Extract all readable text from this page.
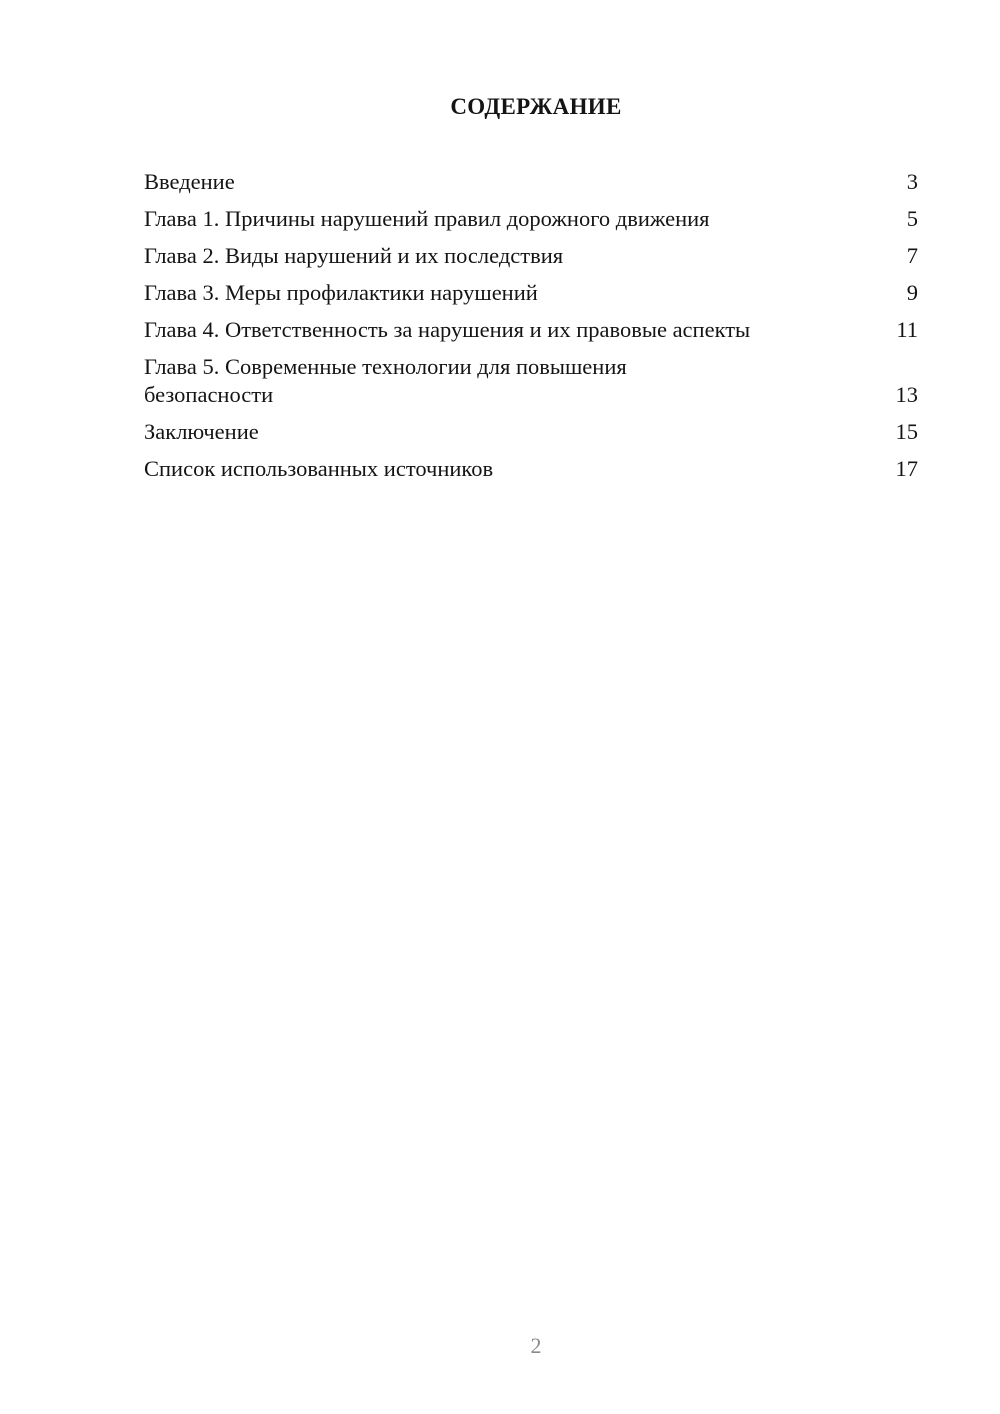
СОДЕРЖАНИЕ
Введение	3
Глава 1. Причины нарушений правил дорожного движения	5
Глава 2. Виды нарушений и их последствия	7
Глава 3. Меры профилактики нарушений	9
Глава 4. Ответственность за нарушения и их правовые аспекты	11
Глава 5. Современные технологии для повышения безопасности	13
Заключение	15
Список использованных источников	17
2
